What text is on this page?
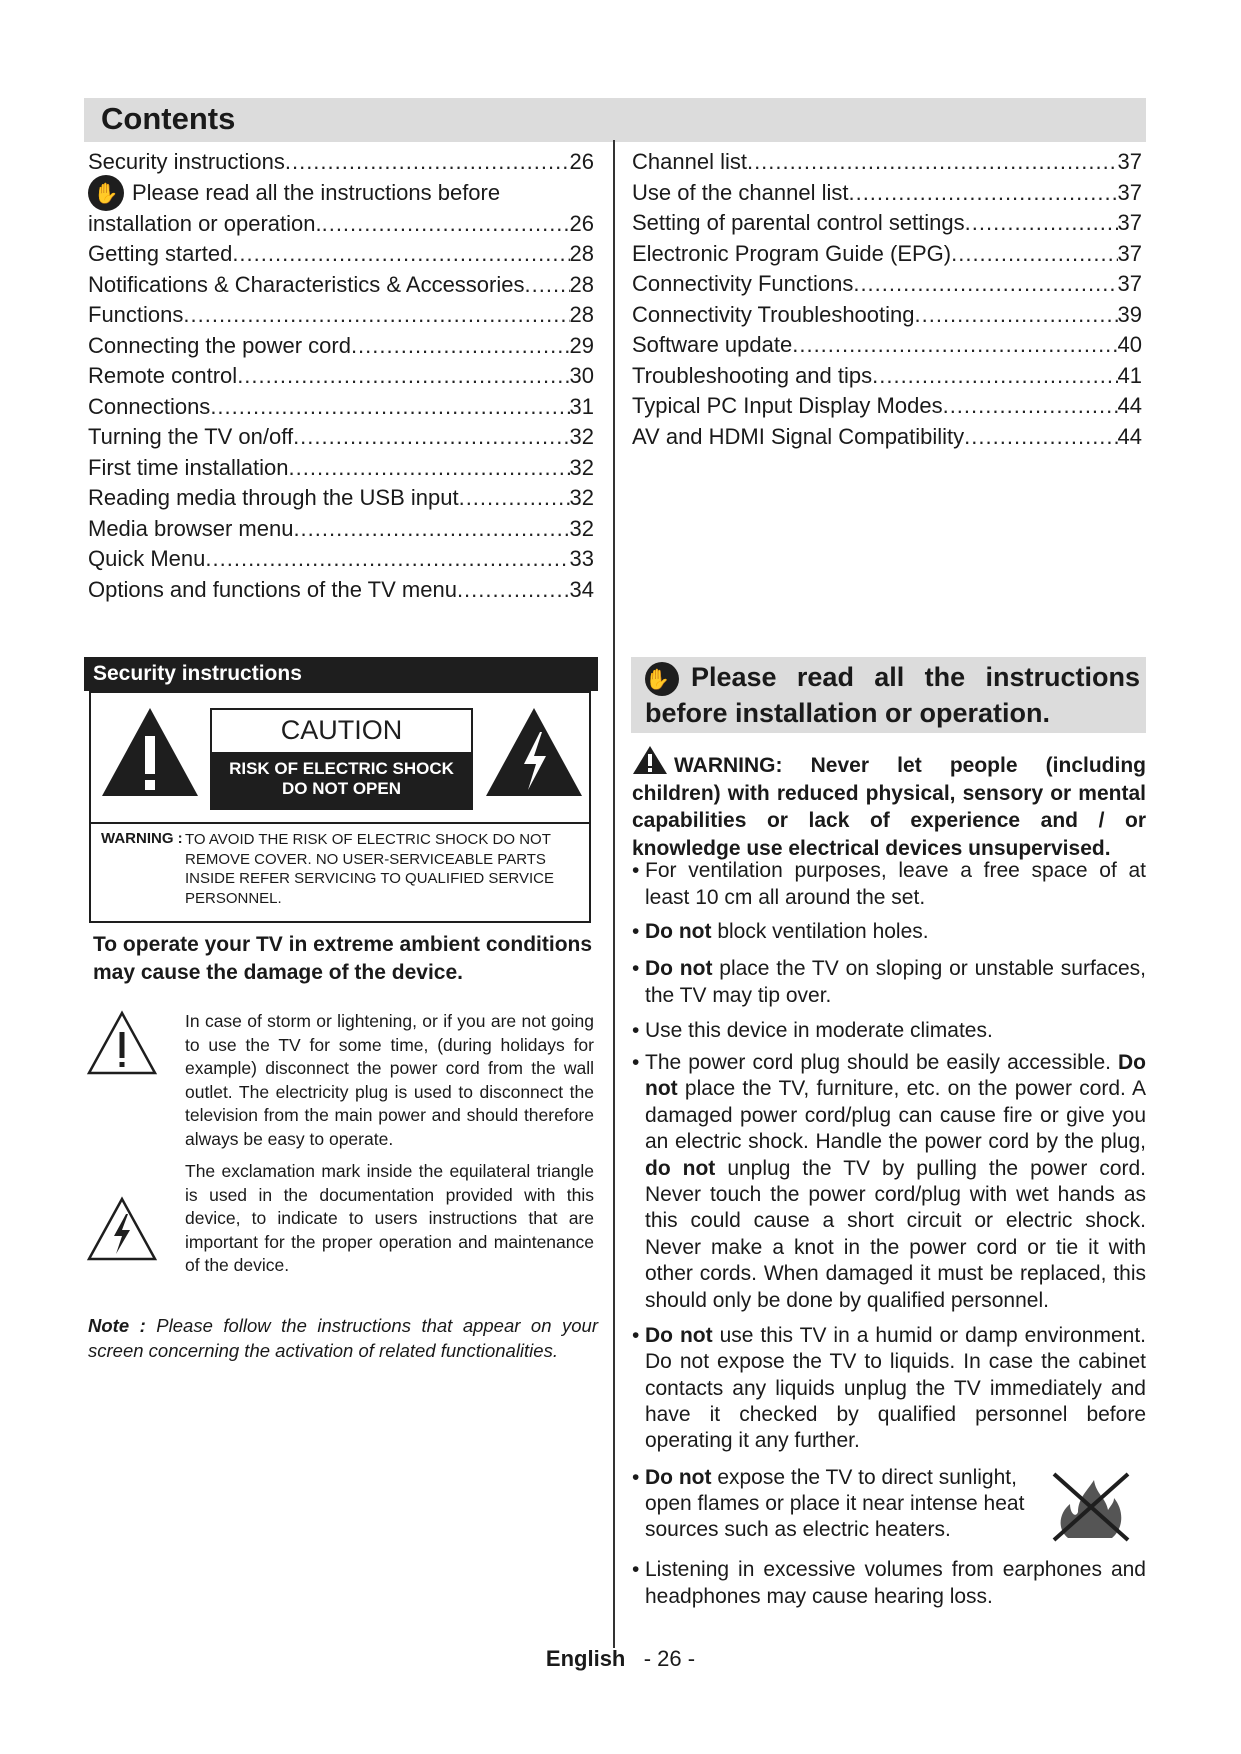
Contents
Security instructions .....	26
✋ Please read all the instructions before
installation or operation. .....	26
Getting started .....	28
Notifications & Characteristics & Accessories ..... 28
Functions .....	28
Connecting the power cord .....	29
Remote control .....	30
Connections .....	31
Turning the TV on/off .....	32
First time installation .....	32
Reading media through the USB input .....	32
Media browser menu .....	32
Quick Menu .....	33
Options and functions of the TV menu .....	34
Channel list .....	37
Use of the channel list .....	37
Setting of parental control settings .....	37
Electronic Program Guide (EPG) .....	37
Connectivity Functions .....	37
Connectivity Troubleshooting .....	39
Software update .....	40
Troubleshooting and tips .....	41
Typical PC Input Display Modes .....	44
AV and HDMI Signal Compatibility .....	44
Security instructions
CAUTION
RISK OF ELECTRIC SHOCK
DO NOT OPEN
WARNING : TO AVOID THE RISK OF ELECTRIC SHOCK DO NOT REMOVE COVER. NO USER-SERVICEABLE PARTS INSIDE REFER SERVICING TO QUALIFIED SERVICE PERSONNEL.
To operate your TV in extreme ambient conditions may cause the damage of the device.
In case of storm or lightening, or if you are not going to use the TV for some time, (during holidays for example) disconnect the power cord from the wall outlet. The electricity plug is used to disconnect the television from the main power and should therefore always be easy to operate.
The exclamation mark inside the equilateral triangle is used in the documentation provided with this device, to indicate to users instructions that are important for the proper operation and maintenance of the device.
Note : Please follow the instructions that appear on your screen concerning the activation of related functionalities.
✋ Please read all the instructions before installation or operation.
WARNING: Never let people (including children) with reduced physical, sensory or mental capabilities or lack of experience and / or knowledge use electrical devices unsupervised.
• For ventilation purposes, leave a free space of at least 10 cm all around the set.
• Do not block ventilation holes.
• Do not place the TV on sloping or unstable surfaces, the TV may tip over.
• Use this device in moderate climates.
• The power cord plug should be easily accessible. Do not place the TV, furniture, etc. on the power cord. A damaged power cord/plug can cause fire or give you an electric shock. Handle the power cord by the plug, do not unplug the TV by pulling the power cord. Never touch the power cord/plug with wet hands as this could cause a short circuit or electric shock. Never make a knot in the power cord or tie it with other cords. When damaged it must be replaced, this should only be done by qualified personnel.
• Do not use this TV in a humid or damp environment. Do not expose the TV to liquids. In case the cabinet contacts any liquids unplug the TV immediately and have it checked by qualified personnel before operating it any further.
• Do not expose the TV to direct sunlight, open flames or place it near intense heat sources such as electric heaters.
• Listening in excessive volumes from earphones and headphones may cause hearing loss.
English - 26 -
